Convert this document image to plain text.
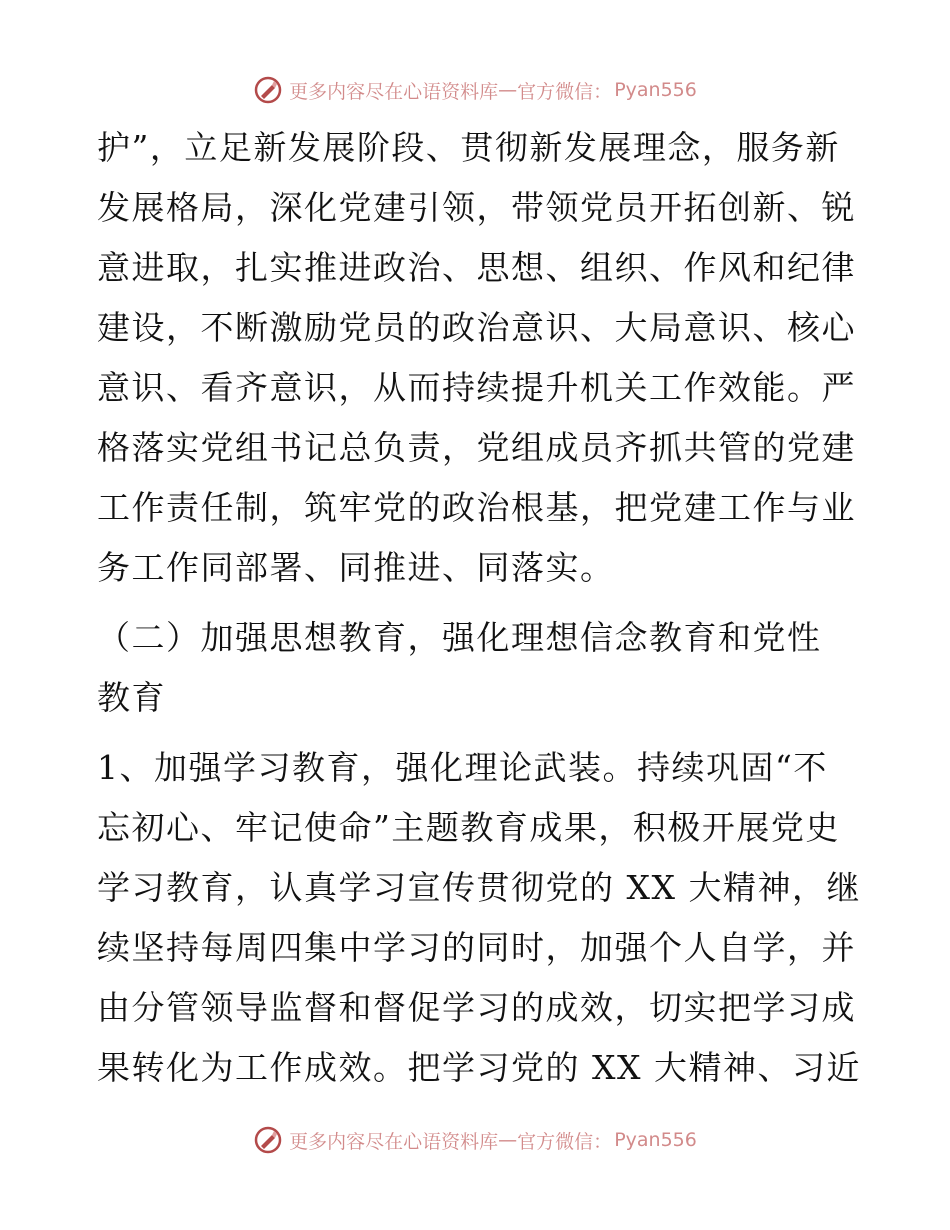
更多内容尽在心语资料库 — 官方微信： Pyan556
护”，立足新发展阶段、贯彻新发展理念，服务新
发展格局，深化党建引领，带领党员开拓创新、锐
意进取，扎实推进政治、思想、组织、作风和纪律
建设，不断激励党员的政治意识、大局意识、核心
意识、看齐意识，从而持续提升机关工作效能。严
格落实党组书记总负责，党组成员齐抓共管的党建
工作责任制，筑牢党的政治根基，把党建工作与业
务工作同部署、同推进、同落实。
（二）加强思想教育，强化理想信念教育和党性
教育
1、加强学习教育，强化理论武装。持续巩固“不
忘初心、牢记使命”主题教育成果，积极开展党史
学习教育，认真学习宣传贯彻党的 XX 大精神，继
续坚持每周四集中学习的同时，加强个人自学，并
由分管领导监督和督促学习的成效，切实把学习成
果转化为工作成效。把学习党的 XX 大精神、习近
更多内容尽在心语资料库 — 官方微信： Pyan556
